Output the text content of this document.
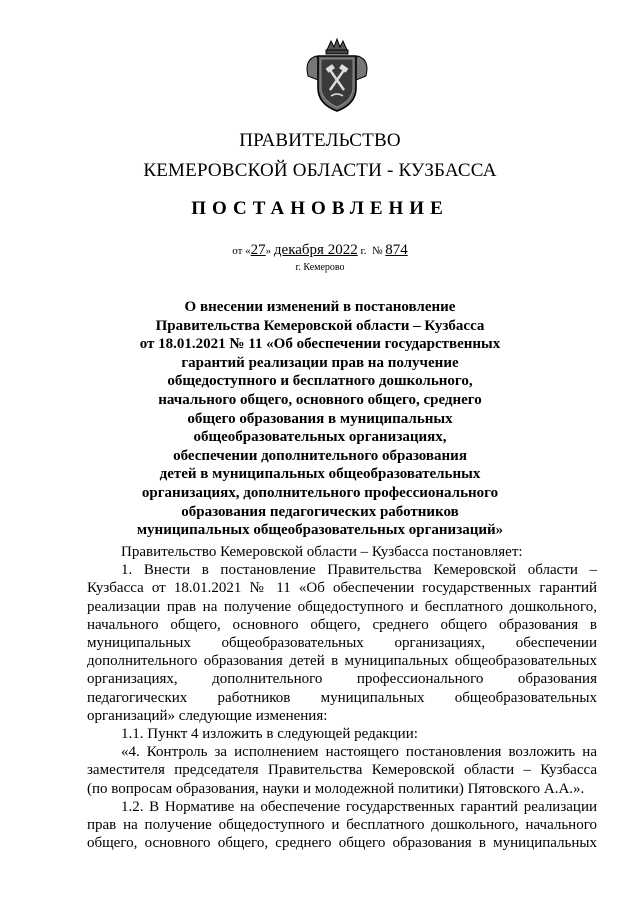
ПРАВИТЕЛЬСТВО
КЕМЕРОВСКОЙ ОБЛАСТИ - КУЗБАССА
ПОСТАНОВЛЕНИЕ
от «27» декабря 2022 г. № 874
г. Кемерово
О внесении изменений в постановление
Правительства Кемеровской области – Кузбасса
от 18.01.2021 № 11 «Об обеспечении государственных
гарантий реализации прав на получение
общедоступного и бесплатного дошкольного,
начального общего, основного общего, среднего
общего образования в муниципальных
общеобразовательных организациях,
обеспечении дополнительного образования
детей в муниципальных общеобразовательных
организациях, дополнительного профессионального
образования педагогических работников
муниципальных общеобразовательных организаций»
Правительство Кемеровской области – Кузбасса постановляет:
1. Внести в постановление Правительства Кемеровской области –
Кузбасса от 18.01.2021 № 11 «Об обеспечении государственных гарантий
реализации прав на получение общедоступного и бесплатного дошкольного,
начального общего, основного общего, среднего общего образования в
муниципальных общеобразовательных организациях, обеспечении
дополнительного образования детей в муниципальных общеобразовательных
организациях, дополнительного профессионального образования
педагогических работников муниципальных общеобразовательных
организаций» следующие изменения:
1.1. Пункт 4 изложить в следующей редакции:
«4. Контроль за исполнением настоящего постановления возложить на
заместителя председателя Правительства Кемеровской области – Кузбасса
(по вопросам образования, науки и молодежной политики) Пятовского А.А.».
1.2. В Нормативе на обеспечение государственных гарантий реализации
прав на получение общедоступного и бесплатного дошкольного, начального
общего, основного общего, среднего общего образования в муниципальных
